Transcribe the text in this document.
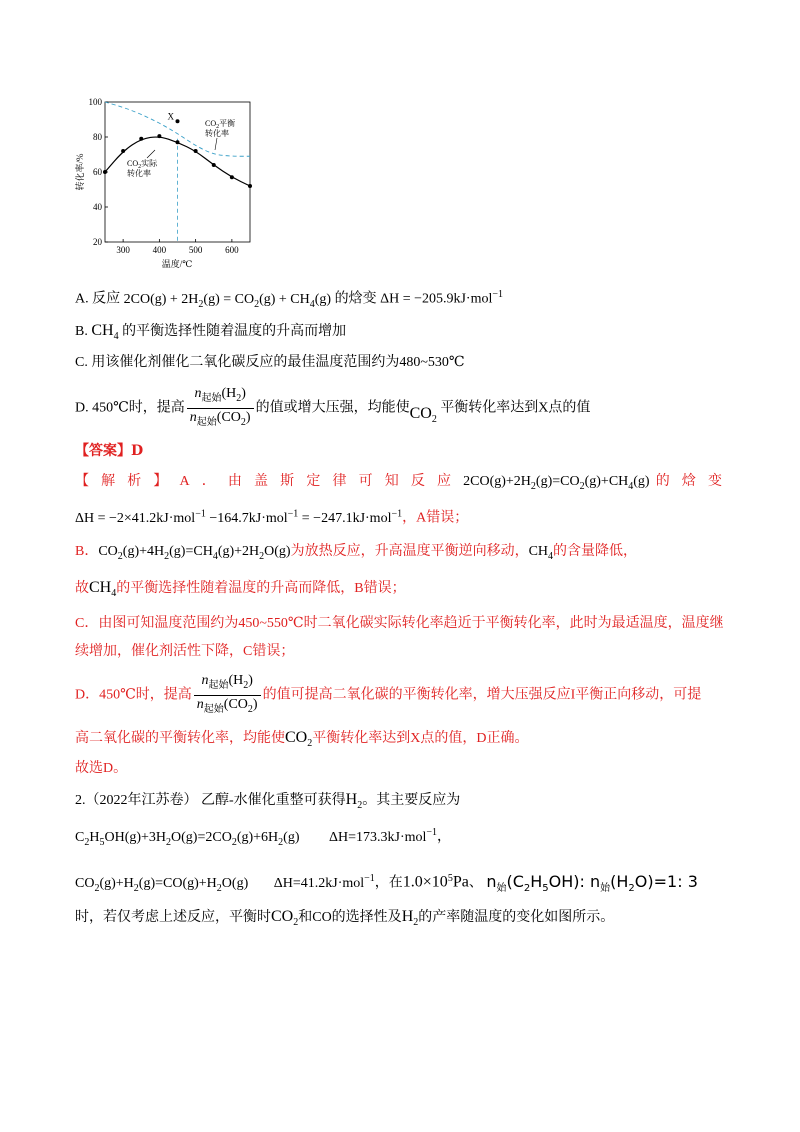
20
40
60
80
100
300	400	500	600
X
$CO_2$平衡
转化率
$CO_2$实际
转化率
转化率/%
温度/℃
A. 反应 $2CO(g) + 2H_2(g) = CO_2(g) + CH_4(g)$ 的焓变 ΔH = −205.9kJ·mol$^{-1}$
B. $CH_4$ 的平衡选择性随着温度的升高而增加
C. 用该催化剂催化二氧化碳反应的最佳温度范围约为480~530℃
D. 450℃时，提高 $\frac{n_{起始}(H_2)}{n_{起始}(CO_2)}$ 的值或增大压强，均能使$CO_2$ 平衡转化率达到X点的值
【答案】D
【解析】A．由盖斯定律可知反应$2CO(g)+2H_2(g)=CO_2(g)+CH_4(g)$的焓变
ΔH = −2×41.2kJ·mol$^{-1}$ −164.7kJ·mol$^{-1}$ = −247.1kJ·mol$^{-1}$，A错误；
B．$CO_2(g)+4H_2(g)=CH_4(g)+2H_2O(g)$为放热反应，升高温度平衡逆向移动，$CH_4$的含量降低，
故$CH_4$的平衡选择性随着温度的升高而降低，B错误；
C．由图可知温度范围约为450~550℃时二氧化碳实际转化率趋近于平衡转化率，此时为最适温度，温度继
续增加，催化剂活性下降，C错误；
D．450℃时，提高 $\frac{n_{起始}(H_2)}{n_{起始}(CO_2)}$ 的值可提高二氧化碳的平衡转化率，增大压强反应I平衡正向移动，可提
高二氧化碳的平衡转化率，均能使$CO_2$平衡转化率达到X点的值，D正确。
故选D。
2.（2022年江苏卷） 乙醇-水催化重整可获得$H_2$。其主要反应为
$C_2H_5OH(g)+3H_2O(g)=2CO_2(g)+6H_2(g)$ ΔH=173.3kJ·mol$^{-1}$，
$CO_2(g)+H_2(g)=CO(g)+H_2O(g)$ ΔH=41.2kJ·mol$^{-1}$，在$1.0\times 10^5Pa$、 $n_始(C_2H_5OH)$: $n_始(H_2O)=1$: 3
时，若仅考虑上述反应，平衡时$CO_2$和CO的选择性及$H_2$的产率随温度的变化如图所示。
